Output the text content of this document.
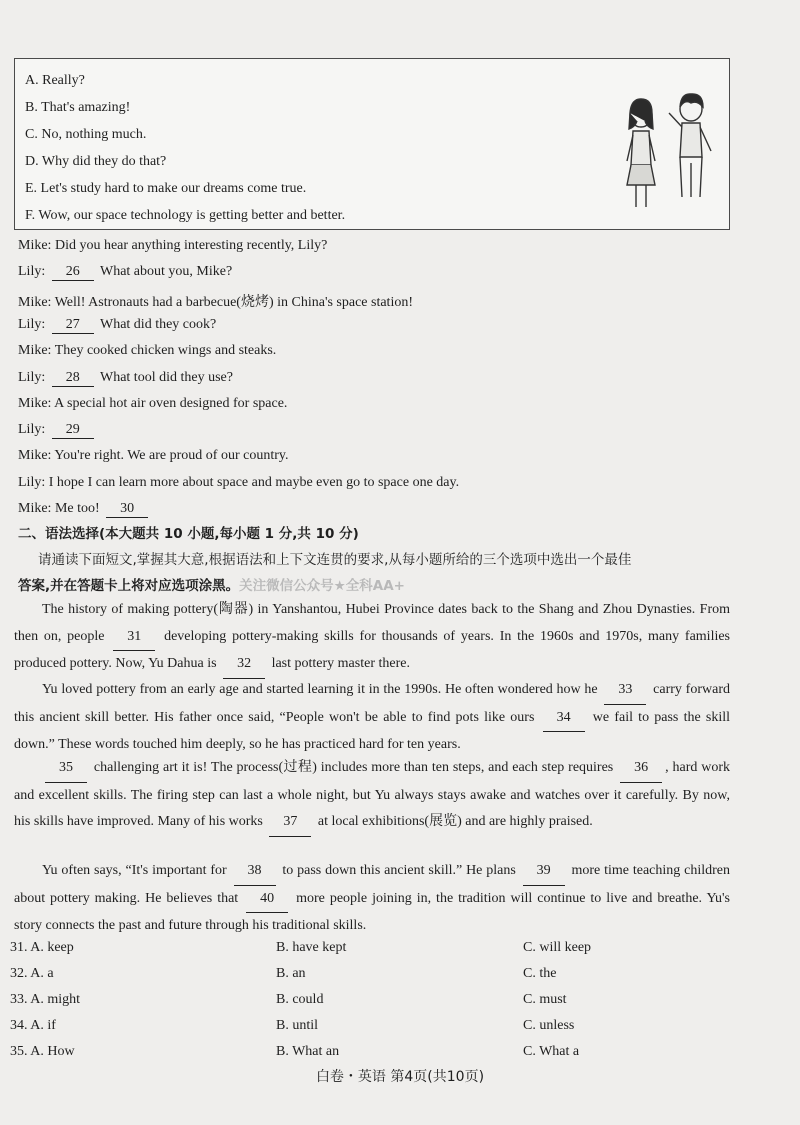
A. Really?
B. That's amazing!
C. No, nothing much.
D. Why did they do that?
E. Let's study hard to make our dreams come true.
F. Wow, our space technology is getting better and better.
Mike: Did you hear anything interesting recently, Lily?
Lily: 26 What about you, Mike?
Mike: Well! Astronauts had a barbecue(烧烤) in China's space station!
Lily: 27 What did they cook?
Mike: They cooked chicken wings and steaks.
Lily: 28 What tool did they use?
Mike: A special hot air oven designed for space.
Lily: 29
Mike: You're right. We are proud of our country.
Lily: I hope I can learn more about space and maybe even go to space one day.
Mike: Me too! 30
二、语法选择(本大题共 10 小题,每小题 1 分,共 10 分)
请通读下面短文,掌握其大意,根据语法和上下文连贯的要求,从每小题所给的三个选项中选出一个最佳
答案,并在答题卡上将对应选项涂黑。关注微信公众号★全科AA+
The history of making pottery(陶器) in Yanshantou, Hubei Province dates back to the Shang and Zhou Dynasties. From then on, people 31 developing pottery-making skills for thousands of years. In the 1960s and 1970s, many families produced pottery. Now, Yu Dahua is 32 last pottery master there.
Yu loved pottery from an early age and started learning it in the 1990s. He often wondered how he 33 carry forward this ancient skill better. His father once said, “People won't be able to find pots like ours 34 we fail to pass the skill down.” These words touched him deeply, so he has practiced hard for ten years.
35 challenging art it is! The process(过程) includes more than ten steps, and each step requires 36 , hard work and excellent skills. The firing step can last a whole night, but Yu always stays awake and watches over it carefully. By now, his skills have improved. Many of his works 37 at local exhibitions(展览) and are highly praised.
Yu often says, “It's important for 38 to pass down this ancient skill.” He plans 39 more time teaching children about pottery making. He believes that 40 more people joining in, the tradition will continue to live and breathe. Yu's story connects the past and future through his traditional skills.
31. A. keep	B. have kept	C. will keep
32. A. a	B. an	C. the
33. A. might	B. could	C. must
34. A. if	B. until	C. unless
35. A. How	B. What an	C. What a
白卷・英语 第4页(共10页)
